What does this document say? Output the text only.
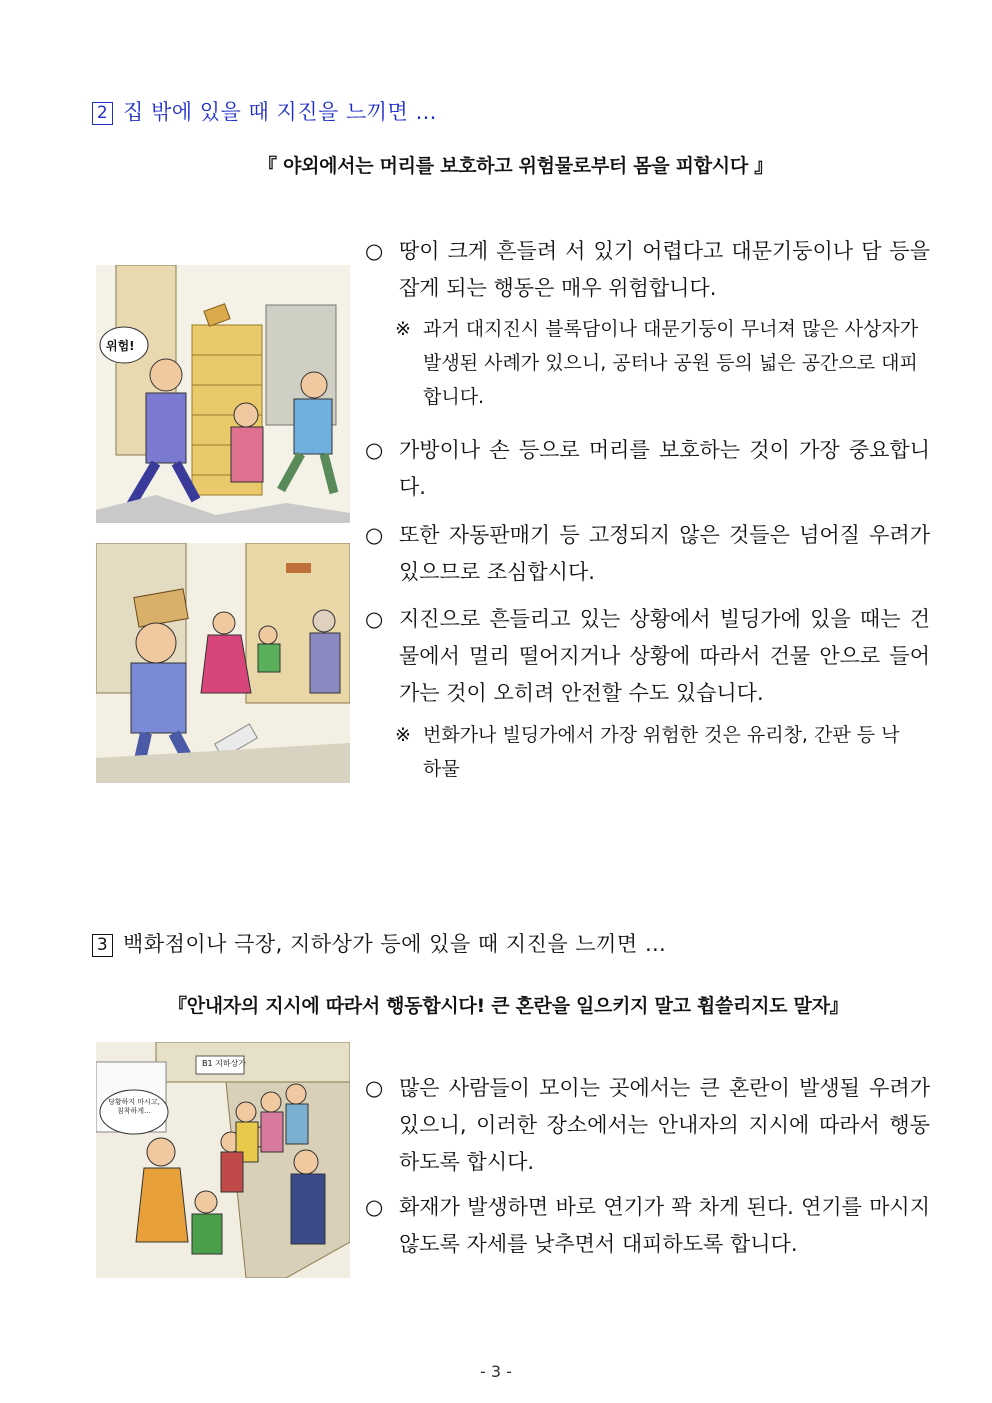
2 집 밖에 있을 때 지진을 느끼면 …
『 야외에서는 머리를 보호하고 위험물로부터 몸을 피합시다 』
위험!
○ 땅이 크게 흔들려 서 있기 어렵다고 대문기둥이나 담 등을 잡게 되는 행동은 매우 위험합니다.
※ 과거 대지진시 블록담이나 대문기둥이 무너져 많은 사상자가 발생된 사례가 있으니, 공터나 공원 등의 넓은 공간으로 대피합니다.
○ 가방이나 손 등으로 머리를 보호하는 것이 가장 중요합니다.
○ 또한 자동판매기 등 고정되지 않은 것들은 넘어질 우려가 있으므로 조심합시다.
○ 지진으로 흔들리고 있는 상황에서 빌딩가에 있을 때는 건물에서 멀리 떨어지거나 상황에 따라서 건물 안으로 들어가는 것이 오히려 안전할 수도 있습니다.
※ 번화가나 빌딩가에서 가장 위험한 것은 유리창, 간판 등 낙하물
3 백화점이나 극장, 지하상가 등에 있을 때 지진을 느끼면 …
『안내자의 지시에 따라서 행동합시다! 큰 혼란을 일으키지 말고 휩쓸리지도 말자』
B1 지하상가
당황하지 마시고, 침착하게…
○ 많은 사람들이 모이는 곳에서는 큰 혼란이 발생될 우려가 있으니, 이러한 장소에서는 안내자의 지시에 따라서 행동하도록 합시다.
○ 화재가 발생하면 바로 연기가 꽉 차게 된다. 연기를 마시지 않도록 자세를 낮추면서 대피하도록 합니다.
- 3 -
